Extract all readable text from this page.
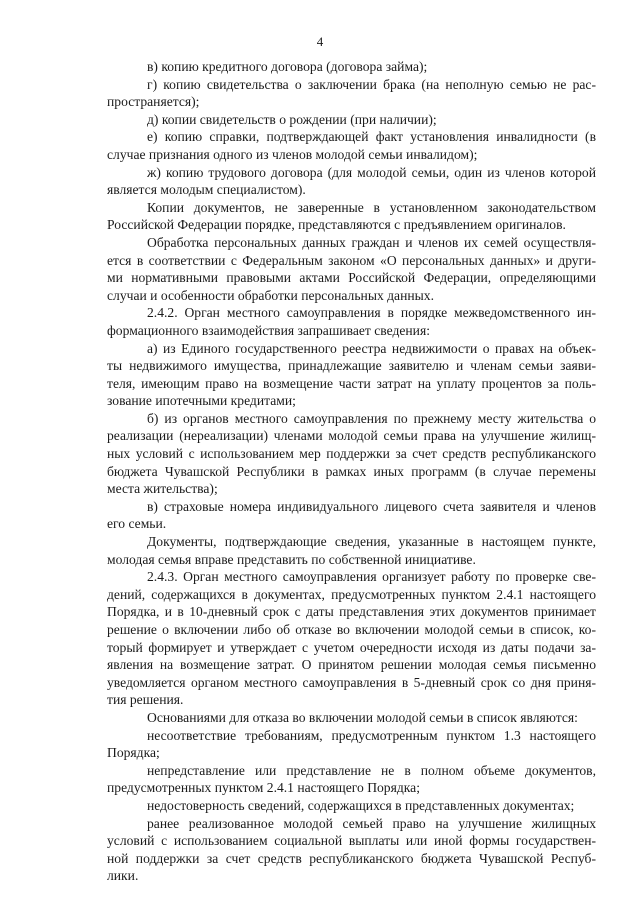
4
в) копию кредитного договора (договора займа);
г) копию свидетельства о заключении брака (на неполную семью не рас-
пространяется);
д) копии свидетельств о рождении (при наличии);
е) копию справки, подтверждающей факт установления инвалидности (в
случае признания одного из членов молодой семьи инвалидом);
ж) копию трудового договора (для молодой семьи, один из членов которой
является молодым специалистом).
Копии документов, не заверенные в установленном законодательством
Российской Федерации порядке, представляются с предъявлением оригиналов.
Обработка персональных данных граждан и членов их семей осуществля-
ется в соответствии с Федеральным законом «О персональных данных» и други-
ми нормативными правовыми актами Российской Федерации, определяющими
случаи и особенности обработки персональных данных.
2.4.2. Орган местного самоуправления в порядке межведомственного ин-
формационного взаимодействия запрашивает сведения:
а) из Единого государственного реестра недвижимости о правах на объек-
ты недвижимого имущества, принадлежащие заявителю и членам семьи заяви-
теля, имеющим право на возмещение части затрат на уплату процентов за поль-
зование ипотечными кредитами;
б) из органов местного самоуправления по прежнему месту жительства о
реализации (нереализации) членами молодой семьи права на улучшение жилищ-
ных условий с использованием мер поддержки за счет средств республиканского
бюджета Чувашской Республики в рамках иных программ (в случае перемены
места жительства);
в) страховые номера индивидуального лицевого счета заявителя и членов
его семьи.
Документы, подтверждающие сведения, указанные в настоящем пункте,
молодая семья вправе представить по собственной инициативе.
2.4.3. Орган местного самоуправления организует работу по проверке све-
дений, содержащихся в документах, предусмотренных пунктом 2.4.1 настоящего
Порядка, и в 10-дневный срок с даты представления этих документов принимает
решение о включении либо об отказе во включении молодой семьи в список, ко-
торый формирует и утверждает с учетом очередности исходя из даты подачи за-
явления на возмещение затрат. О принятом решении молодая семья письменно
уведомляется органом местного самоуправления в 5-дневный срок со дня приня-
тия решения.
Основаниями для отказа во включении молодой семьи в список являются:
несоответствие требованиям, предусмотренным пунктом 1.3 настоящего
Порядка;
непредставление или представление не в полном объеме документов,
предусмотренных пунктом 2.4.1 настоящего Порядка;
недостоверность сведений, содержащихся в представленных документах;
ранее реализованное молодой семьей право на улучшение жилищных
условий с использованием социальной выплаты или иной формы государствен-
ной поддержки за счет средств республиканского бюджета Чувашской Респуб-
лики.
